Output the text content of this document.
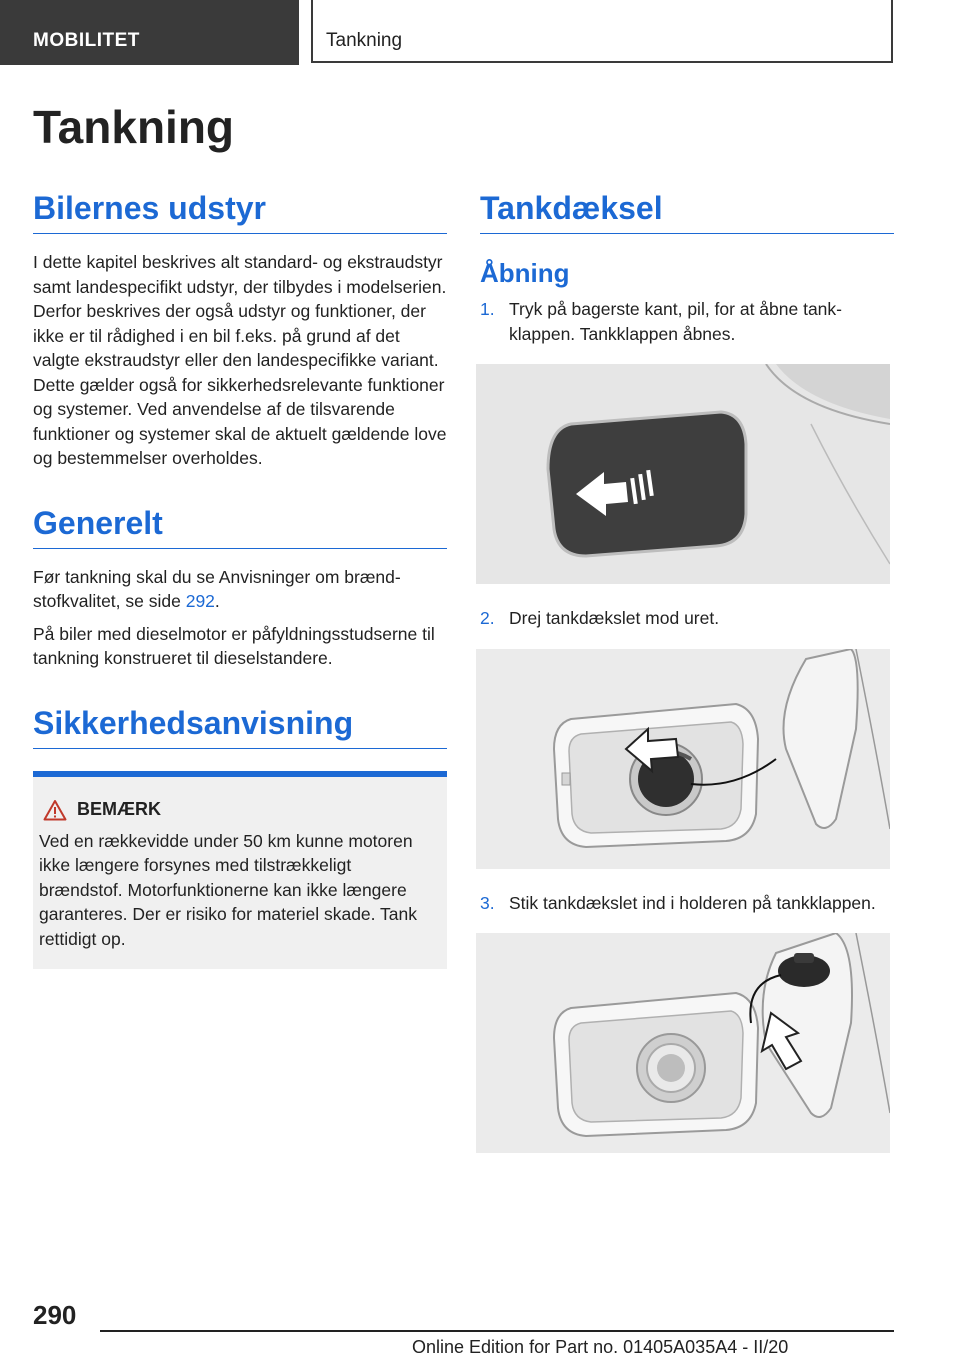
MOBILITET	Tankning
Tankning
Bilernes udstyr

I dette kapitel beskrives alt standard- og ekstraudstyr samt landespecifikt udstyr, der tilbydes i modelserien. Derfor beskrives der også udstyr og funktioner, der ikke er til rådighed i en bil f.eks. på grund af det valgte ekstraudstyr eller den landespecifikke variant. Dette gælder også for sikkerhedsrelevante funktioner og systemer. Ved anvendelse af de tilsvarende funktioner og systemer skal de aktuelt gældende love og bestemmelser overholdes.

Generelt

Før tankning skal du se Anvisninger om brændstofkvalitet, se side 292.

På biler med dieselmotor er påfyldningsstudserne til tankning konstrueret til dieselstandere.

Sikkerhedsanvisning
BEMÆRK

Ved en rækkevidde under 50 km kunne motoren ikke længere forsynes med tilstrækkeligt brændstof. Motorfunktionerne kan ikke længere garanteres. Der er risiko for materiel skade. Tank rettidigt op.

Tankdæksel
Åbning
1. Tryk på bagerste kant, pil, for at åbne tankklappen. Tankklappen åbnes.
2. Drej tankdækslet mod uret.
3. Stik tankdækslet ind i holderen på tankklappen.
290
Online Edition for Part no. 01405A035A4 - II/20
